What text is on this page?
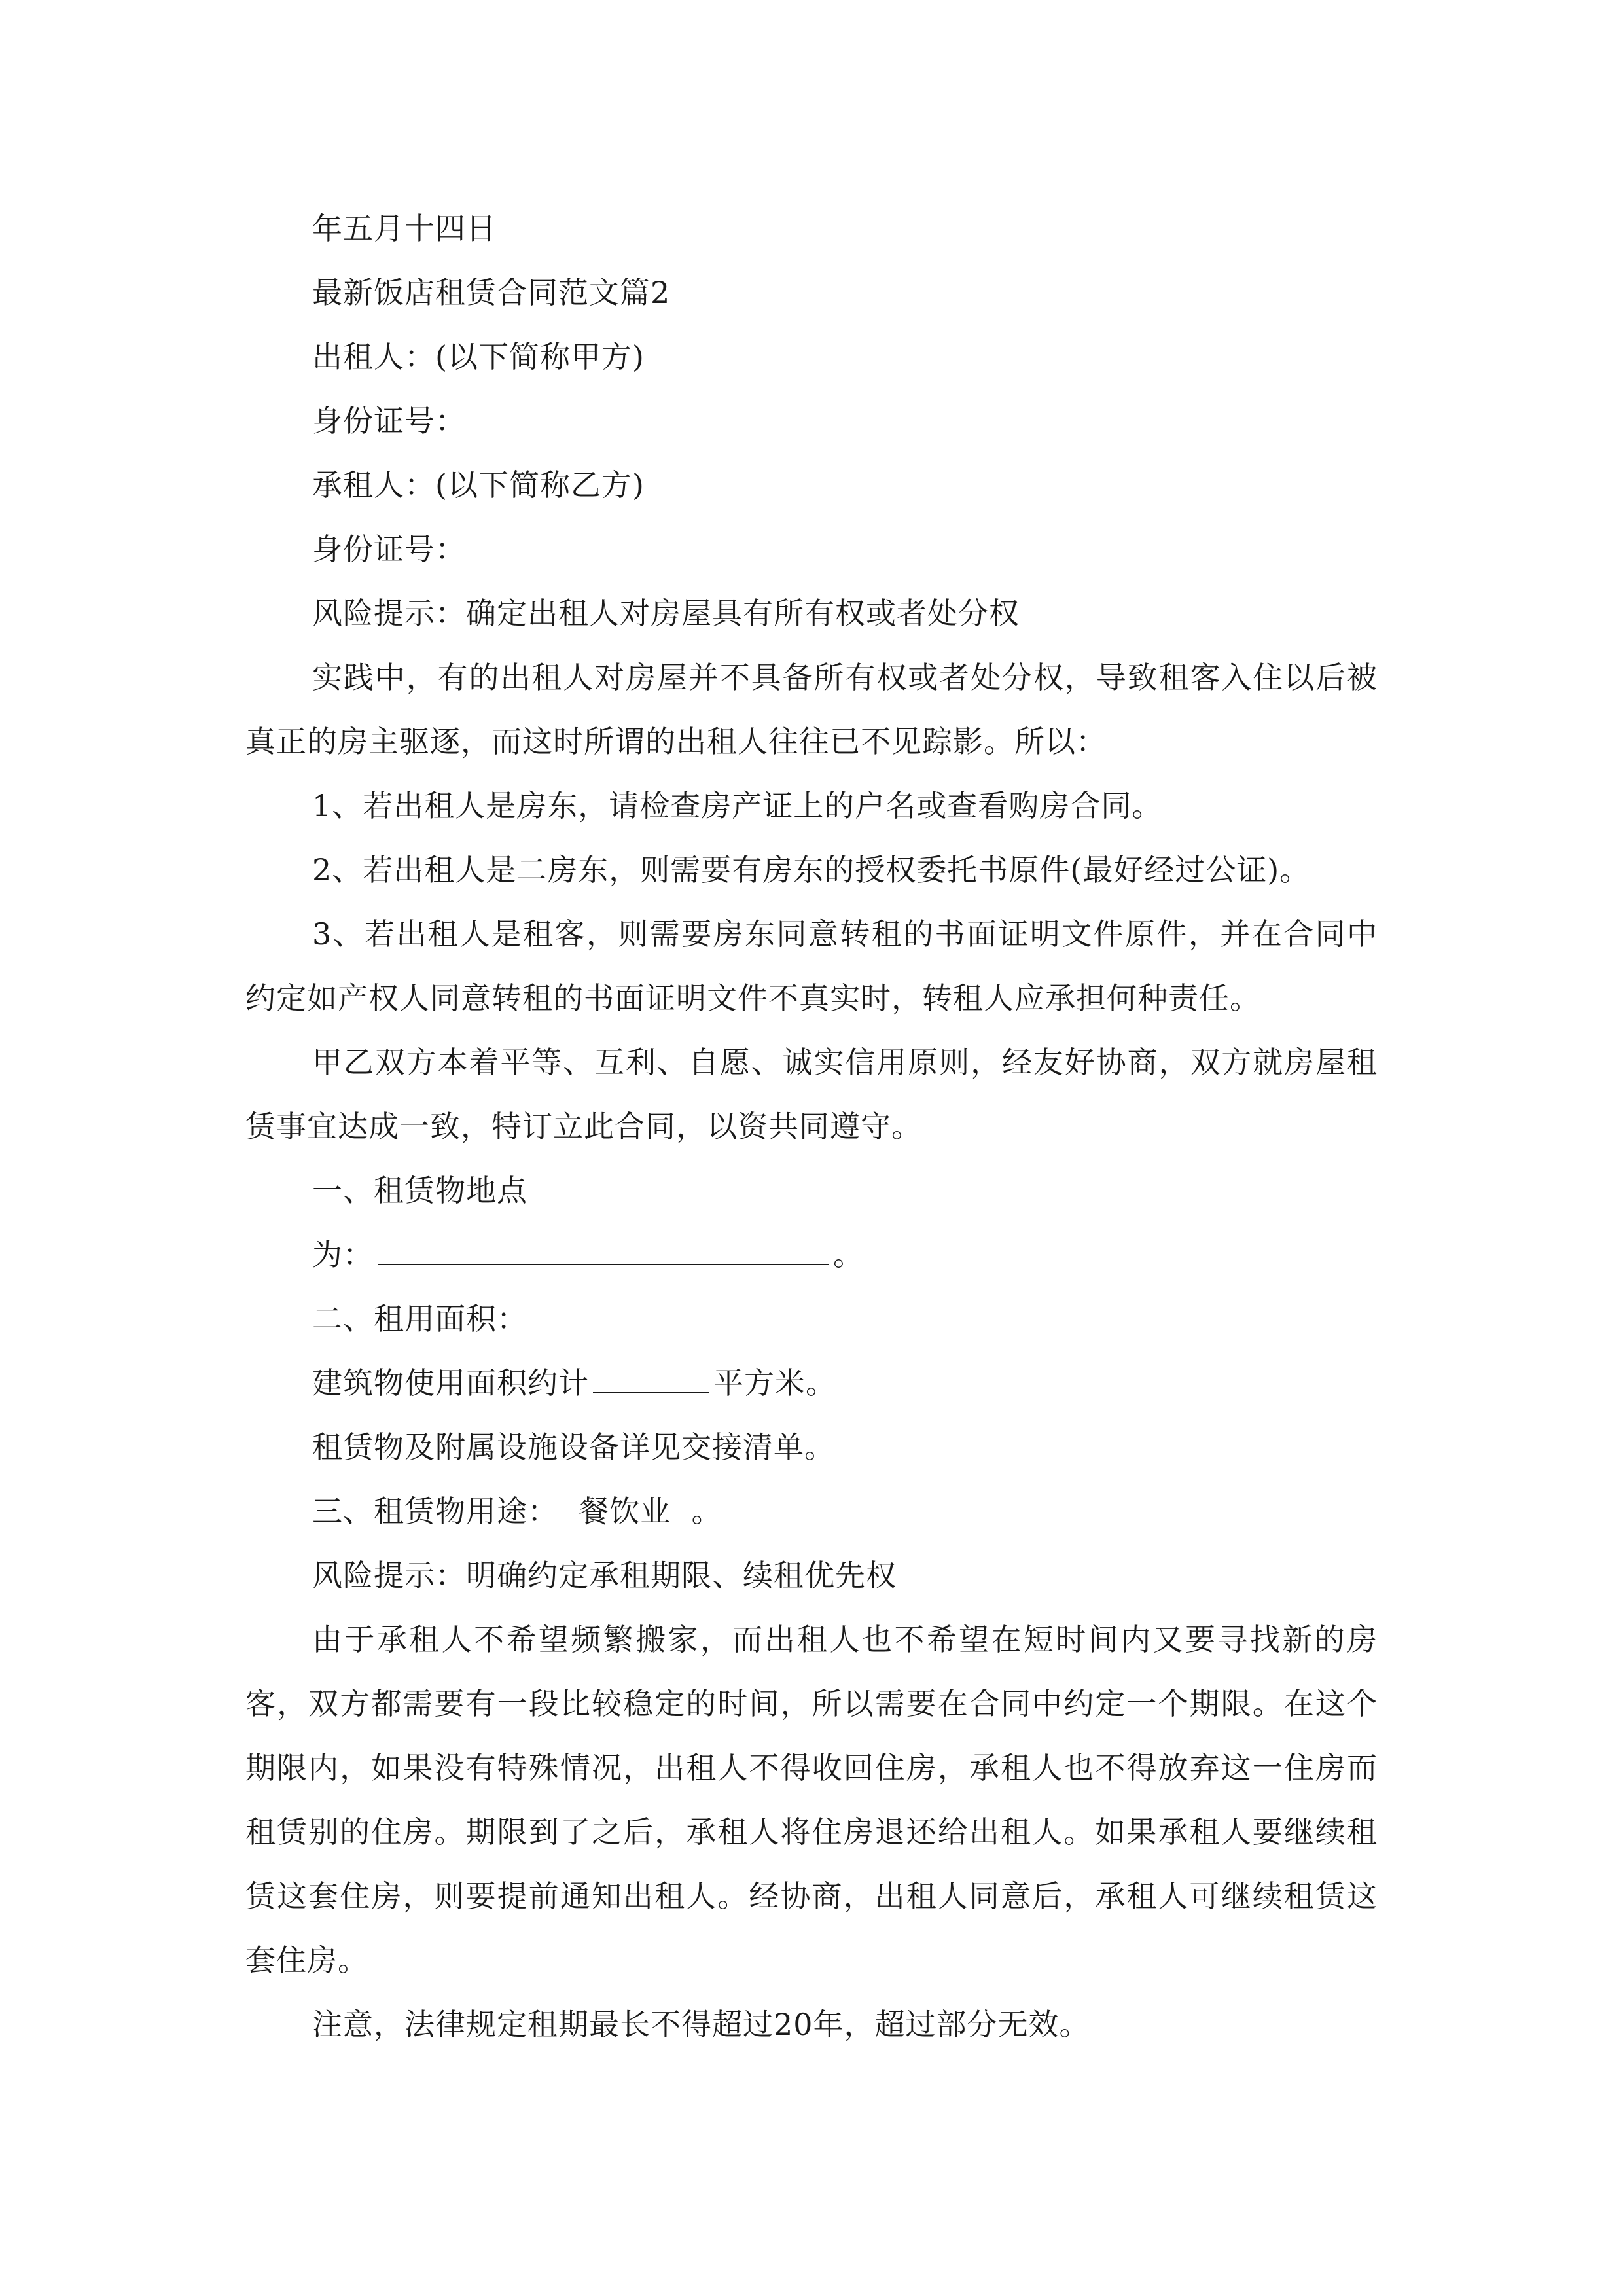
年五月十四日
最新饭店租赁合同范文篇2
出租人：(以下简称甲方)
身份证号：
承租人：(以下简称乙方)
身份证号：
风险提示：确定出租人对房屋具有所有权或者处分权
实践中，有的出租人对房屋并不具备所有权或者处分权，导致租客入住以后被真正的房主驱逐，而这时所谓的出租人往往已不见踪影。所以：
1、若出租人是房东，请检查房产证上的户名或查看购房合同。
2、若出租人是二房东，则需要有房东的授权委托书原件(最好经过公证)。
3、若出租人是租客，则需要房东同意转租的书面证明文件原件，并在合同中约定如产权人同意转租的书面证明文件不真实时，转租人应承担何种责任。
甲乙双方本着平等、互利、自愿、诚实信用原则，经友好协商，双方就房屋租赁事宜达成一致，特订立此合同，以资共同遵守。
一、租赁物地点
为：	。
二、租用面积：
建筑物使用面积约计	平方米。
租赁物及附属设施设备详见交接清单。
三、租赁物用途：  餐饮业  。
风险提示：明确约定承租期限、续租优先权
由于承租人不希望频繁搬家，而出租人也不希望在短时间内又要寻找新的房客，双方都需要有一段比较稳定的时间，所以需要在合同中约定一个期限。在这个期限内，如果没有特殊情况，出租人不得收回住房，承租人也不得放弃这一住房而租赁别的住房。期限到了之后，承租人将住房退还给出租人。如果承租人要继续租赁这套住房，则要提前通知出租人。经协商，出租人同意后，承租人可继续租赁这套住房。
注意，法律规定租期最长不得超过20年，超过部分无效。
